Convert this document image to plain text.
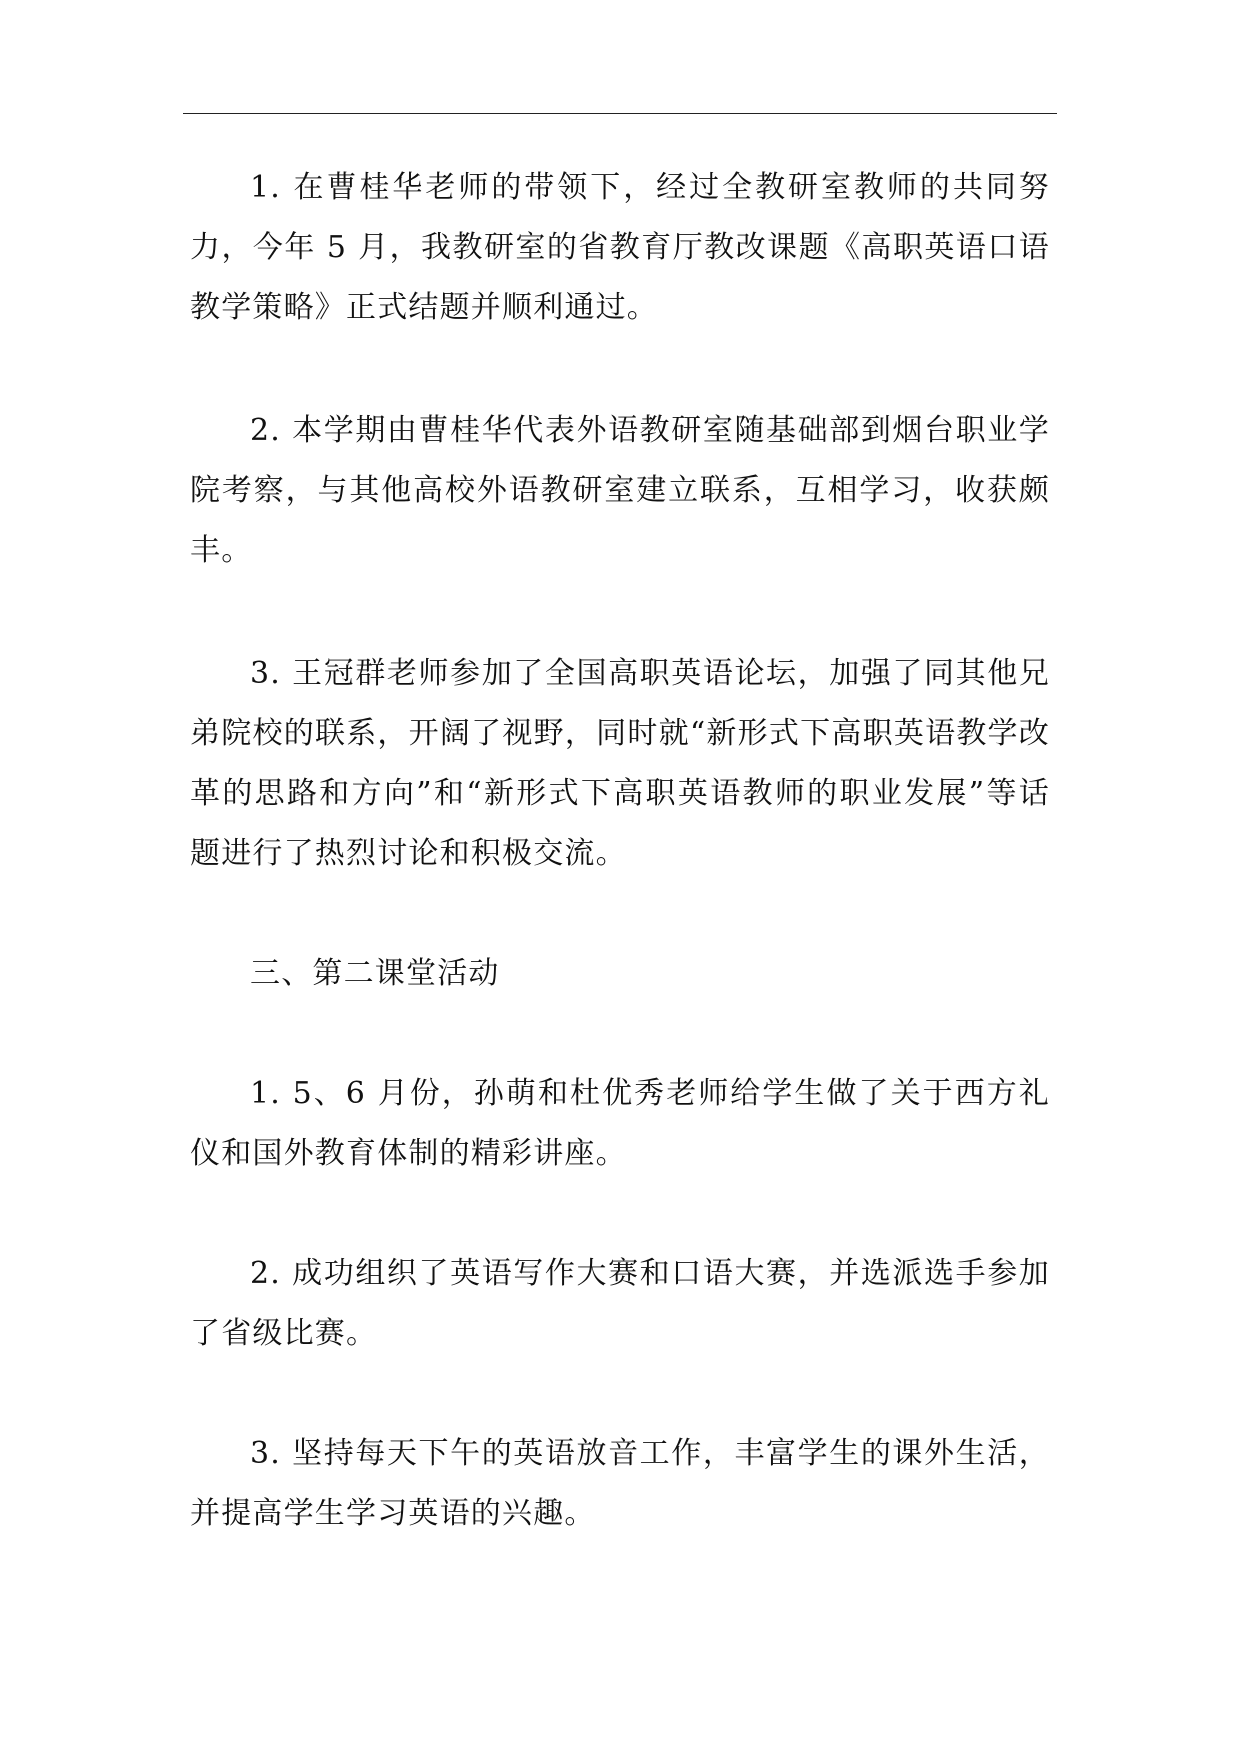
1. 在曹桂华老师的带领下，经过全教研室教师的共同努力，今年 5 月，我教研室的省教育厅教改课题《高职英语口语教学策略》正式结题并顺利通过。

2. 本学期由曹桂华代表外语教研室随基础部到烟台职业学院考察，与其他高校外语教研室建立联系，互相学习，收获颇丰。

3. 王冠群老师参加了全国高职英语论坛，加强了同其他兄弟院校的联系，开阔了视野，同时就“新形式下高职英语教学改革的思路和方向”和“新形式下高职英语教师的职业发展”等话题进行了热烈讨论和积极交流。

三、第二课堂活动

1. 5、6 月份，孙萌和杜优秀老师给学生做了关于西方礼仪和国外教育体制的精彩讲座。

2. 成功组织了英语写作大赛和口语大赛，并选派选手参加了省级比赛。

3. 坚持每天下午的英语放音工作，丰富学生的课外生活，并提高学生学习英语的兴趣。
